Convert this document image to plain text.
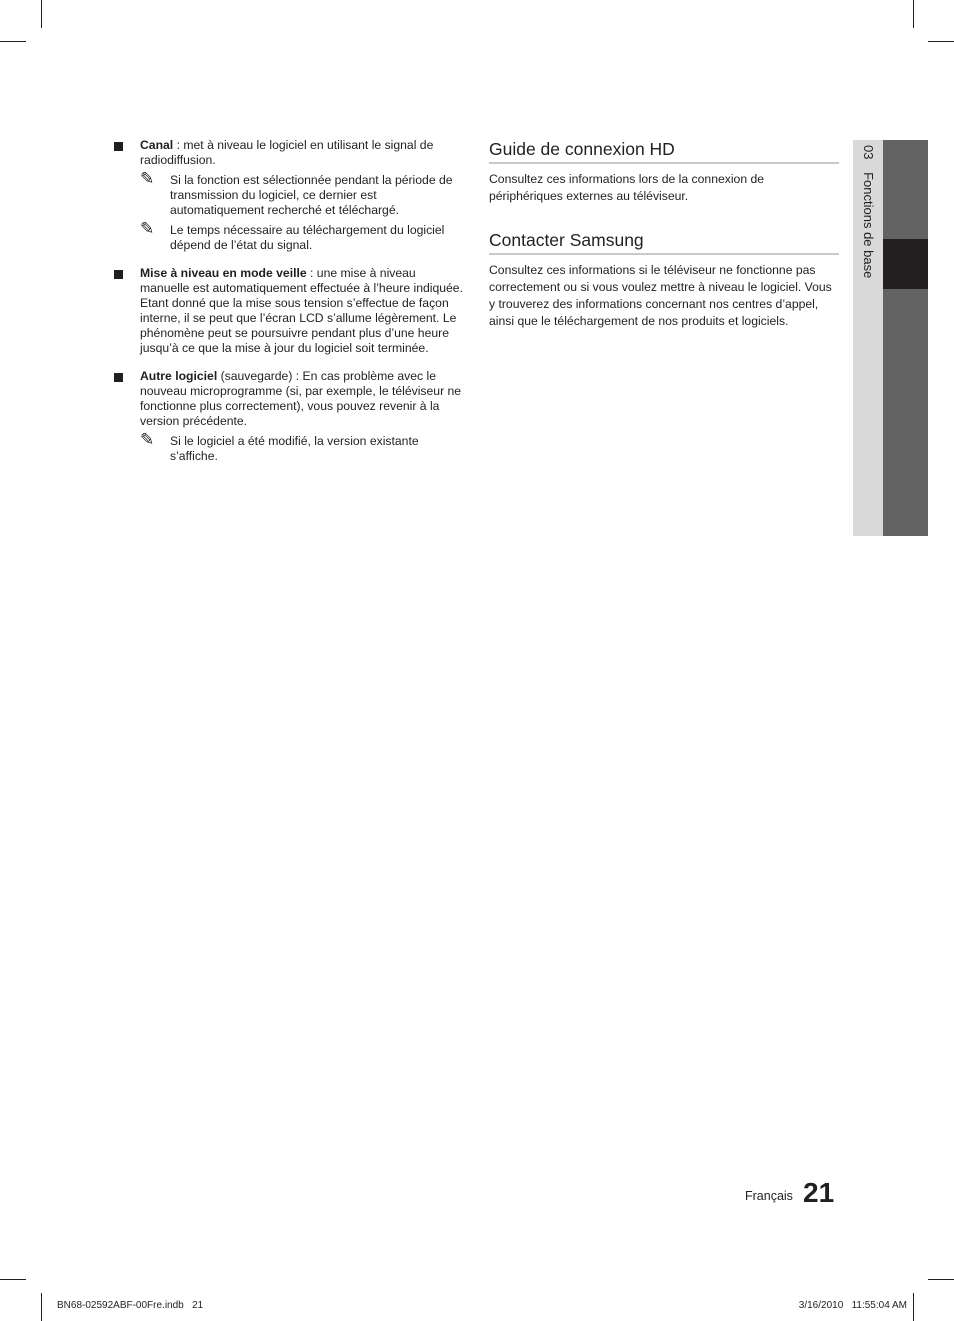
Canal : met à niveau le logiciel en utilisant le signal de radiodiffusion.
✎ Si la fonction est sélectionnée pendant la période de transmission du logiciel, ce dernier est automatiquement recherché et téléchargé.
✎ Le temps nécessaire au téléchargement du logiciel dépend de l’état du signal.
Mise à niveau en mode veille : une mise à niveau manuelle est automatiquement effectuée à l’heure indiquée. Etant donné que la mise sous tension s’effectue de façon interne, il se peut que l’écran LCD s’allume légèrement. Le phénomène peut se poursuivre pendant plus d’une heure jusqu’à ce que la mise à jour du logiciel soit terminée.
Autre logiciel (sauvegarde) : En cas problème avec le nouveau microprogramme (si, par exemple, le téléviseur ne fonctionne plus correctement), vous pouvez revenir à la version précédente.
✎ Si le logiciel a été modifié, la version existante s’affiche.
Guide de connexion HD
Consultez ces informations lors de la connexion de périphériques externes au téléviseur.
Contacter Samsung
Consultez ces informations si le téléviseur ne fonctionne pas correctement ou si vous voulez mettre à niveau le logiciel. Vous y trouverez des informations concernant nos centres d’appel, ainsi que le téléchargement de nos produits et logiciels.
03 Fonctions de base
Français 21
BN68-02592ABF-00Fre.indb   21	3/16/2010   11:55:04 AM
